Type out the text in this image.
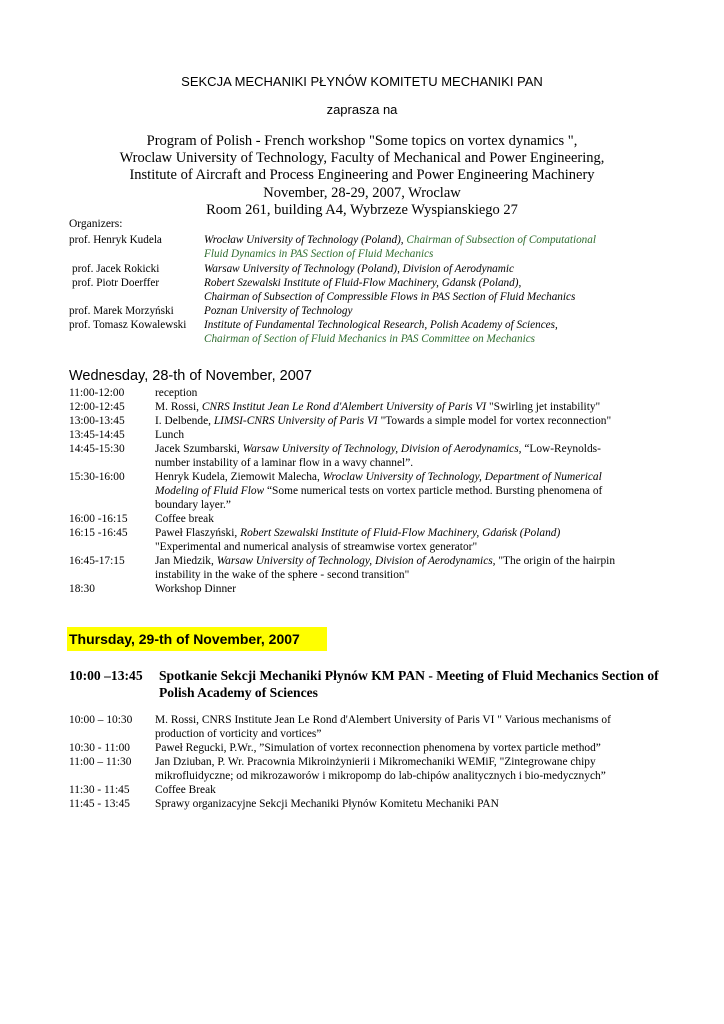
SEKCJA MECHANIKI PŁYNÓW KOMITETU MECHANIKI PAN
zaprasza na
Program of Polish - French workshop "Some topics on vortex dynamics ",
Wroclaw University of Technology, Faculty of Mechanical and Power Engineering,
Institute of Aircraft and Process Engineering and Power Engineering Machinery
November, 28-29, 2007, Wroclaw
Room 261, building A4, Wybrzeze Wyspianskiego 27
Organizers:
prof. Henryk Kudela	Wrocław University of Technology (Poland), Chairman of Subsection of Computational
Fluid Dynamics in PAS Section of Fluid Mechanics
prof. Jacek Rokicki	Warsaw University of Technology (Poland), Division of Aerodynamic
prof. Piotr Doerffer	Robert Szewalski Institute of Fluid-Flow Machinery, Gdansk (Poland),
Chairman of Subsection of Compressible Flows in PAS Section of Fluid Mechanics
prof. Marek Morzyński	Poznan University of Technology
prof. Tomasz Kowalewski Institute of Fundamental Technological Research, Polish Academy of Sciences,
Chairman of Section of Fluid Mechanics in PAS Committee on Mechanics
Wednesday, 28-th of November, 2007
11:00-12:00	reception
12:00-12:45	M. Rossi, CNRS Institut Jean Le Rond d'Alembert University of Paris VI "Swirling jet instability"
13:00-13:45	I. Delbende, LIMSI-CNRS University of Paris VI "Towards a simple model for vortex reconnection"
13:45-14:45	Lunch
14:45-15:30	Jacek Szumbarski, Warsaw University of Technology, Division of Aerodynamics, “Low-Reynolds-number instability of a laminar flow in a wavy channel”.
15:30-16:00	Henryk Kudela, Ziemowit Malecha, Wroclaw University of Technology, Department of Numerical Modeling of Fluid Flow “Some numerical tests on vortex particle method. Bursting phenomena of boundary layer.”
16:00 -16:15 Coffee break
16:15 -16:45 Paweł Flaszyński, Robert Szewalski Institute of Fluid-Flow Machinery, Gdańsk (Poland)
"Experimental and numerical analysis of streamwise vortex generator"
16:45-17:15	Jan Miedzik, Warsaw University of Technology, Division of Aerodynamics, "The origin of the hairpin instability in the wake of the sphere - second transition"
18:30	Workshop Dinner
Thursday, 29-th of November, 2007
10:00 –13:45 Spotkanie Sekcji Mechaniki Płynów KM PAN - Meeting of Fluid Mechanics Section of Polish Academy of Sciences
10:00 – 10:30 M. Rossi, CNRS Institute Jean Le Rond d'Alembert University of Paris VI " Various mechanisms of production of vorticity and vortices”
10:30 - 11:00 Paweł Regucki, P.Wr., ”Simulation of vortex reconnection phenomena by vortex particle method”
11:00 – 11:30 Jan Dziuban, P. Wr. Pracownia Mikroinżynierii i Mikromechaniki WEMiF, "Zintegrowane chipy mikrofluidyczne; od mikrozaworów i mikropomp do lab-chipów analitycznych i bio-medycznych”
11:30 - 11:45 Coffee Break
11:45 - 13:45 Sprawy organizacyjne Sekcji Mechaniki Płynów Komitetu Mechaniki PAN
